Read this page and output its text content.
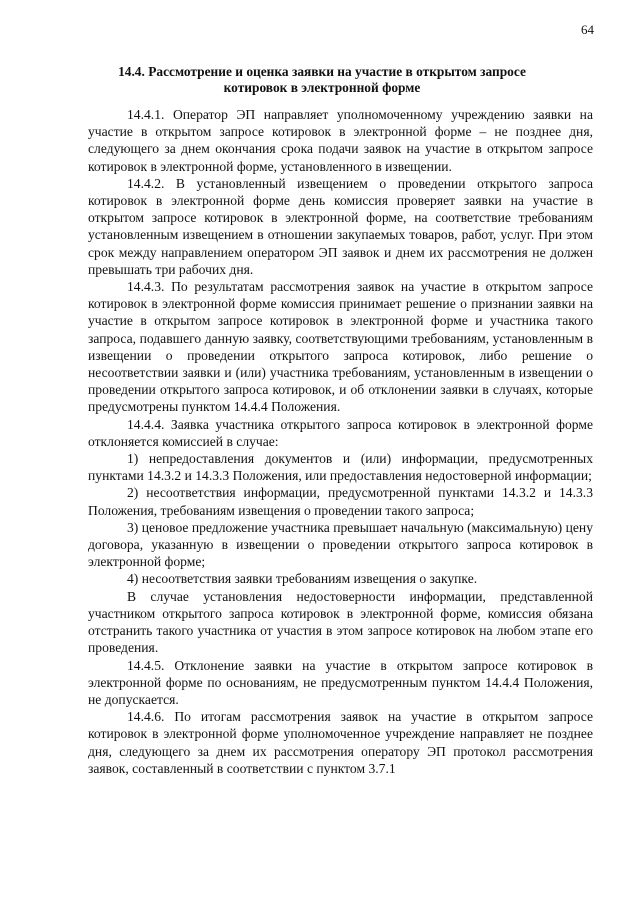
64

14.4. Рассмотрение и оценка заявки на участие в открытом запросе
котировок в электронной форме

14.4.1. Оператор ЭП направляет уполномоченному учреждению заявки на участие в открытом запросе котировок в электронной форме – не позднее дня, следующего за днем окончания срока подачи заявок на участие в открытом запросе котировок в электронной форме, установленного в извещении.

14.4.2. В установленный извещением о проведении открытого запроса котировок в электронной форме день комиссия проверяет заявки на участие в открытом запросе котировок в электронной форме, на соответствие требованиям установленным извещением в отношении закупаемых товаров, работ, услуг. При этом срок между направлением оператором ЭП заявок и днем их рассмотрения не должен превышать три рабочих дня.

14.4.3. По результатам рассмотрения заявок на участие в открытом запросе котировок в электронной форме комиссия принимает решение о признании заявки на участие в открытом запросе котировок в электронной форме и участника такого запроса, подавшего данную заявку, соответствующими требованиям, установленным в извещении о проведении открытого запроса котировок, либо решение о несоответствии заявки и (или) участника требованиям, установленным в извещении о проведении открытого запроса котировок, и об отклонении заявки в случаях, которые предусмотрены пунктом 14.4.4 Положения.

14.4.4. Заявка участника открытого запроса котировок в электронной форме отклоняется комиссией в случае:

1) непредоставления документов и (или) информации, предусмотренных пунктами 14.3.2 и 14.3.3 Положения, или предоставления недостоверной информации;

2) несоответствия информации, предусмотренной пунктами 14.3.2 и 14.3.3 Положения, требованиям извещения о проведении такого запроса;

3) ценовое предложение участника превышает начальную (максимальную) цену договора, указанную в извещении о проведении открытого запроса котировок в электронной форме;

4) несоответствия заявки требованиям извещения о закупке.

В случае установления недостоверности информации, представленной участником открытого запроса котировок в электронной форме, комиссия обязана отстранить такого участника от участия в этом запросе котировок на любом этапе его проведения.

14.4.5. Отклонение заявки на участие в открытом запросе котировок в электронной форме по основаниям, не предусмотренным пунктом 14.4.4 Положения, не допускается.

14.4.6. По итогам рассмотрения заявок на участие в открытом запросе котировок в электронной форме уполномоченное учреждение направляет не позднее дня, следующего за днем их рассмотрения оператору ЭП протокол рассмотрения заявок, составленный в соответствии с пунктом 3.7.1
